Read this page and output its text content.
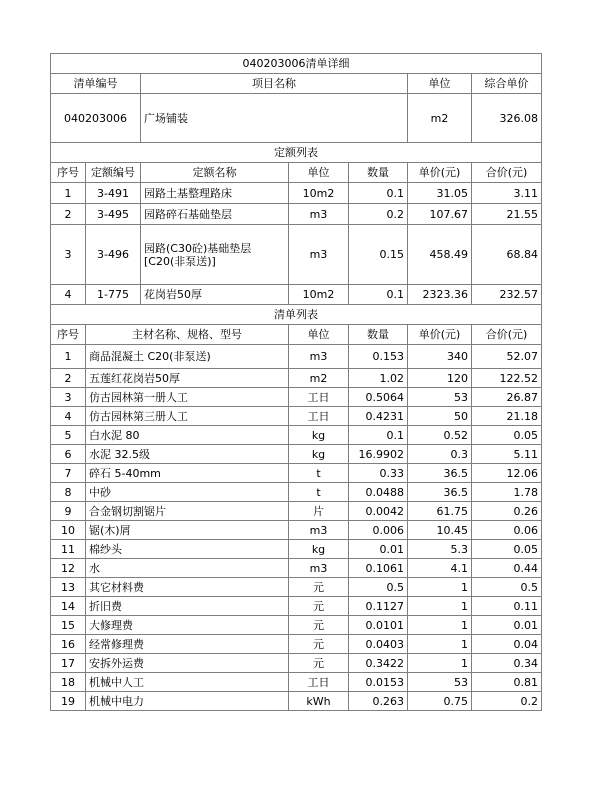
040203006清单详细						
清单编号		项目名称			单位	综合单价
040203006		广场铺装			m2	326.08
定额列表						
序号	定额编号	定额名称	单位	数量	单价(元)	合价(元)
1	3-491	园路土基整理路床	10m2	0.1	31.05	3.11
2	3-495	园路碎石基础垫层	m3	0.2	107.67	21.55
3	3-496	园路(C30砼)基础垫层[C20(非泵送)]	m3	0.15	458.49	68.84
4	1-775	花岗岩50厚	10m2	0.1	2323.36	232.57
清单列表						
序号	主材名称、规格、型号		单位	数量	单价(元)	合价(元)
1	商品混凝土 C20(非泵送)		m3	0.153	340	52.07
2	五莲红花岗岩50厚		m2	1.02	120	122.52
3	仿古园林第一册人工		工日	0.5064	53	26.87
4	仿古园林第三册人工		工日	0.4231	50	21.18
5	白水泥 80		kg	0.1	0.52	0.05
6	水泥 32.5级		kg	16.9902	0.3	5.11
7	碎石 5-40mm		t	0.33	36.5	12.06
8	中砂		t	0.0488	36.5	1.78
9	合金钢切割锯片		片	0.0042	61.75	0.26
10	锯(木)屑		m3	0.006	10.45	0.06
11	棉纱头		kg	0.01	5.3	0.05
12	水		m3	0.1061	4.1	0.44
13	其它材料费		元	0.5	1	0.5
14	折旧费		元	0.1127	1	0.11
15	大修理费		元	0.0101	1	0.01
16	经常修理费		元	0.0403	1	0.04
17	安拆外运费		元	0.3422	1	0.34
18	机械中人工		工日	0.0153	53	0.81
19	机械中电力		kWh	0.263	0.75	0.2
